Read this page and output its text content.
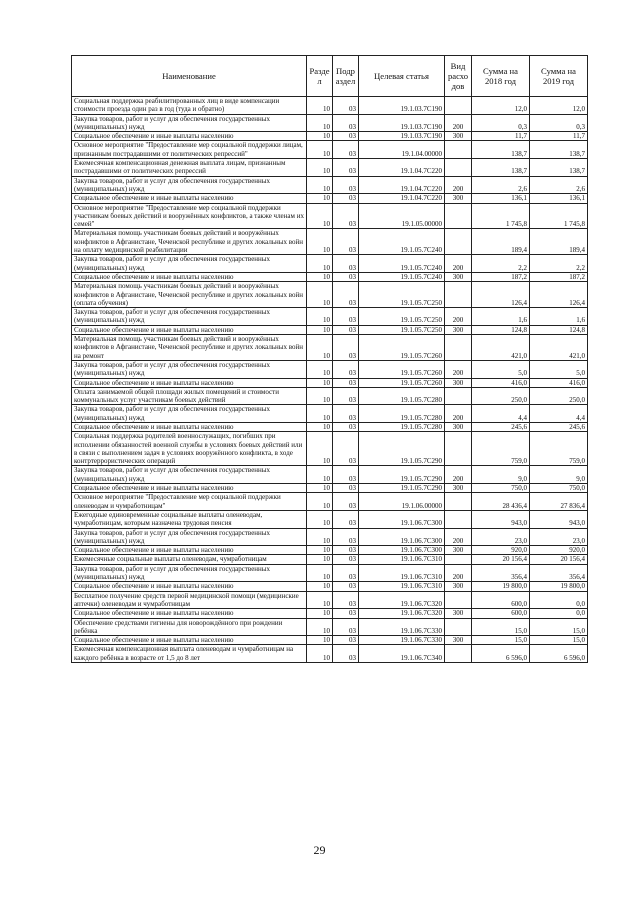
Наименование	Разде л	Подр аздел	Целевая статья	Вид расхо дов	Сумма на 2018 год	Сумма на 2019 год
Социальная поддержка реабилитированных лиц в виде компенсации стоимости проезда один раз в год (туда и обратно)	10	03	19.1.03.7С190		12,0	12,0
Закупка товаров, работ и услуг для обеспечения государственных (муниципальных) нужд	10	03	19.1.03.7С190	200	0,3	0,3
Социальное обеспечение и иные выплаты населению	10	03	19.1.03.7С190	300	11,7	11,7
Основное мероприятие "Предоставление мер социальной поддержки лицам, признанным пострадавшими от политических репрессий"	10	03	19.1.04.00000		138,7	138,7
Ежемесячная компенсационная денежная выплата лицам, признанным пострадавшими от политических репрессий	10	03	19.1.04.7С220		138,7	138,7
Закупка товаров, работ и услуг для обеспечения государственных (муниципальных) нужд	10	03	19.1.04.7С220	200	2,6	2,6
Социальное обеспечение и иные выплаты населению	10	03	19.1.04.7С220	300	136,1	136,1
Основное мероприятие "Предоставление мер социальной поддержки участникам боевых действий и вооружённых конфликтов, а также членам их семей"	10	03	19.1.05.00000		1 745,8	1 745,8
Материальная помощь участникам боевых действий и вооружённых конфликтов в Афганистане, Чеченской республике и других локальных войн на оплату медицинской реабилитации	10	03	19.1.05.7С240		189,4	189,4
Закупка товаров, работ и услуг для обеспечения государственных (муниципальных) нужд	10	03	19.1.05.7С240	200	2,2	2,2
Социальное обеспечение и иные выплаты населению	10	03	19.1.05.7С240	300	187,2	187,2
Материальная помощь участникам боевых действий и вооружённых конфликтов в Афганистане, Чеченской республике и других локальных войн (оплата обучения)	10	03	19.1.05.7С250		126,4	126,4
Закупка товаров, работ и услуг для обеспечения государственных (муниципальных) нужд	10	03	19.1.05.7С250	200	1,6	1,6
Социальное обеспечение и иные выплаты населению	10	03	19.1.05.7С250	300	124,8	124,8
Материальная помощь участникам боевых действий и вооружённых конфликтов в Афганистане, Чеченской республике и других локальных войн на ремонт	10	03	19.1.05.7С260		421,0	421,0
Закупка товаров, работ и услуг для обеспечения государственных (муниципальных) нужд	10	03	19.1.05.7С260	200	5,0	5,0
Социальное обеспечение и иные выплаты населению	10	03	19.1.05.7С260	300	416,0	416,0
Оплата занимаемой общей площади жилых помещений и стоимости коммунальных услуг участникам боевых действий	10	03	19.1.05.7С280		250,0	250,0
Закупка товаров, работ и услуг для обеспечения государственных (муниципальных) нужд	10	03	19.1.05.7С280	200	4,4	4,4
Социальное обеспечение и иные выплаты населению	10	03	19.1.05.7С280	300	245,6	245,6
Социальная поддержка родителей военнослужащих, погибших при исполнении обязанностей военной службы в условиях боевых действий или в связи с выполнением задач в условиях вооружённого конфликта, в ходе контртеррористических операций	10	03	19.1.05.7С290		759,0	759,0
Закупка товаров, работ и услуг для обеспечения государственных (муниципальных) нужд	10	03	19.1.05.7С290	200	9,0	9,0
Социальное обеспечение и иные выплаты населению	10	03	19.1.05.7С290	300	750,0	750,0
Основное мероприятие "Предоставление мер социальной поддержки оленеводам и чумработницам"	10	03	19.1.06.00000		28 436,4	27 836,4
Ежегодные единовременные социальные выплаты оленеводам, чумработницам, которым назначена трудовая пенсия	10	03	19.1.06.7С300		943,0	943,0
Закупка товаров, работ и услуг для обеспечения государственных (муниципальных) нужд	10	03	19.1.06.7С300	200	23,0	23,0
Социальное обеспечение и иные выплаты населению	10	03	19.1.06.7С300	300	920,0	920,0
Ежемесячные социальные выплаты оленеводам, чумработницам	10	03	19.1.06.7С310		20 156,4	20 156,4
Закупка товаров, работ и услуг для обеспечения государственных (муниципальных) нужд	10	03	19.1.06.7С310	200	356,4	356,4
Социальное обеспечение и иные выплаты населению	10	03	19.1.06.7С310	300	19 800,0	19 800,0
Бесплатное получение средств первой медицинской помощи (медицинские аптечки) оленеводам и чумработницам	10	03	19.1.06.7С320		600,0	0,0
Социальное обеспечение и иные выплаты населению	10	03	19.1.06.7С320	300	600,0	0,0
Обеспечение средствами гигиены для новорождённого при рождении ребёнка	10	03	19.1.06.7С330		15,0	15,0
Социальное обеспечение и иные выплаты населению	10	03	19.1.06.7С330	300	15,0	15,0
Ежемесячная компенсационная выплата оленеводам и чумработницам на каждого ребёнка в возрасте от 1,5 до 8 лет	10	03	19.1.06.7С340		6 596,0	6 596,0
29
